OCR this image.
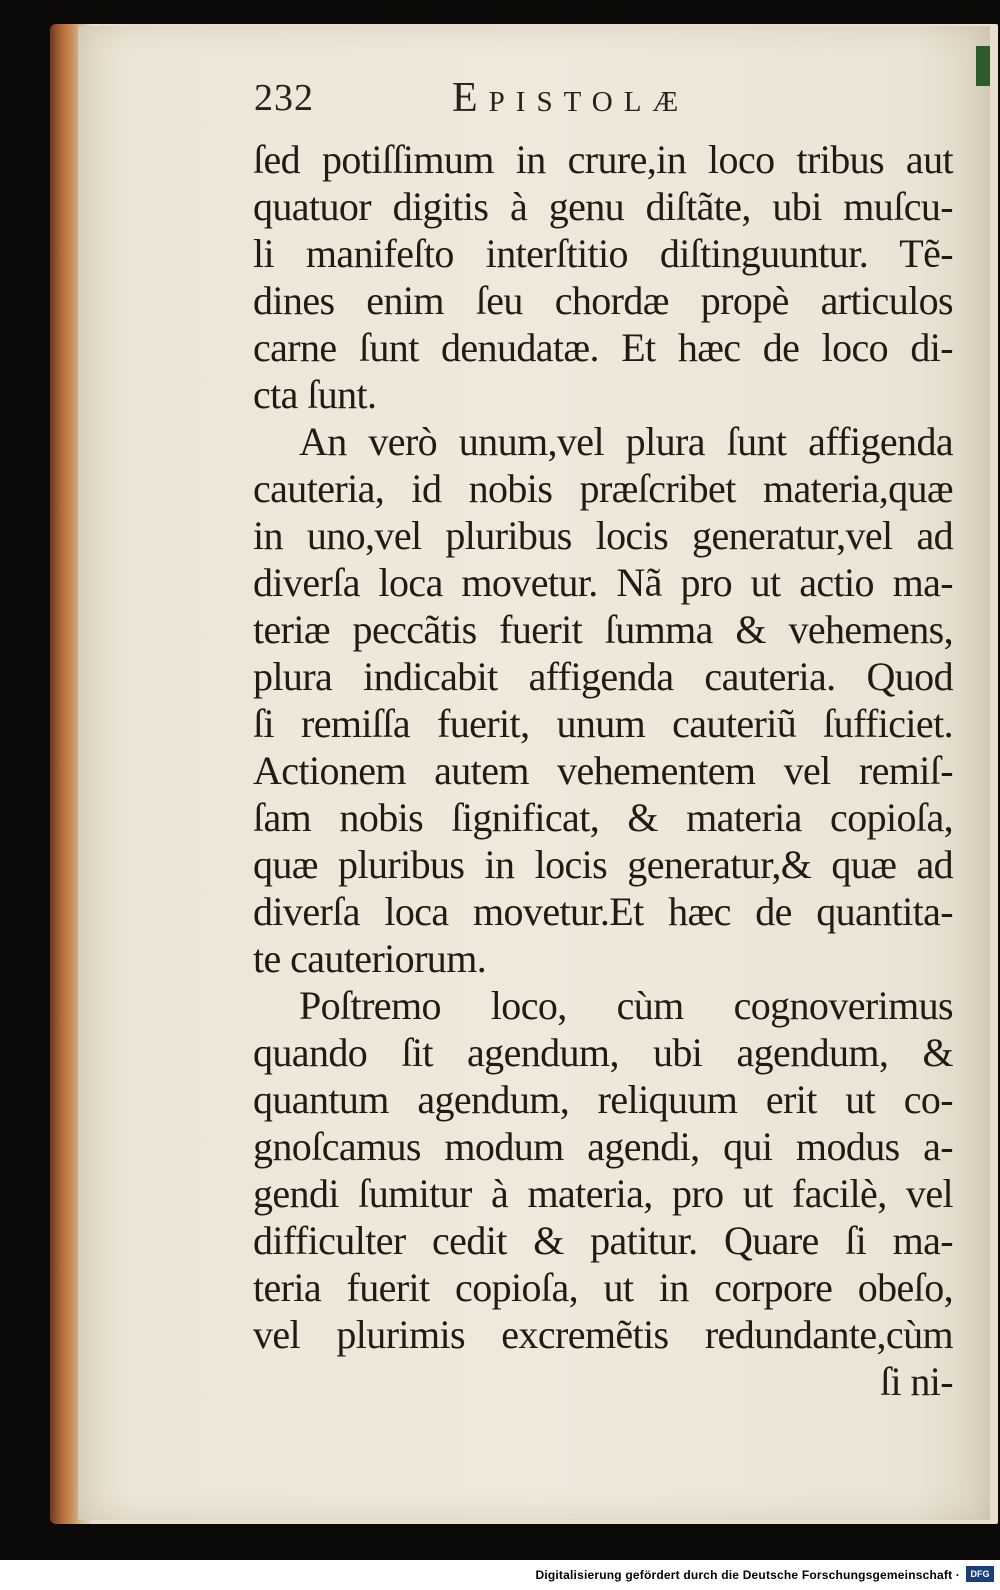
232	Epistolæ
ſed potiſſimum in crure,in loco tribus aut
quatuor digitis à genu diſtãte, ubi muſcu-
li manifeſto interſtitio diſtinguuntur. Tẽ-
dines enim ſeu chordæ propè articulos
carne ſunt denudatæ. Et hæc de loco di-
cta ſunt.
An verò unum,vel plura ſunt affigenda
cauteria, id nobis præſcribet materia,quæ
in uno,vel pluribus locis generatur,vel ad
diverſa loca movetur. Nã pro ut actio ma-
teriæ peccãtis fuerit ſumma & vehemens,
plura indicabit affigenda cauteria. Quod
ſi remiſſa fuerit, unum cauteriũ ſufficiet.
Actionem autem vehementem vel remiſ-
ſam nobis ſignificat, & materia copioſa,
quæ pluribus in locis generatur,& quæ ad
diverſa loca movetur.Et hæc de quantita-
te cauteriorum.
Poſtremo loco, cùm cognoverimus
quando ſit agendum, ubi agendum, &
quantum agendum, reliquum erit ut co-
gnoſcamus modum agendi, qui modus a-
gendi ſumitur à materia, pro ut facilè, vel
difficulter cedit & patitur. Quare ſi ma-
teria fuerit copioſa, ut in corpore obeſo,
vel plurimis excremẽtis redundante,cùm
ſi ni-
Digitalisierung gefördert durch die Deutsche Forschungsgemeinschaft ·	DFG
